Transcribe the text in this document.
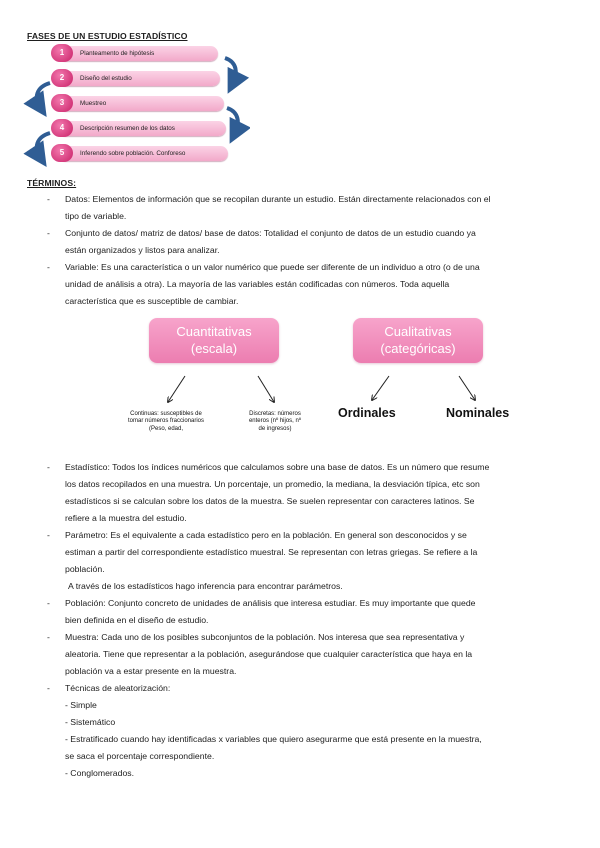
FASES DE UN ESTUDIO ESTADÍSTICO
1	Planteamento de hipótesis
2	Diseño del estudio
3	Muestreo
4	Descripción resumen de los datos
5	Inferendo sobre población. Conforeso
TÉRMINOS:
- Datos: Elementos de información que se recopilan durante un estudio. Están directamente relacionados con el
tipo de variable.
- Conjunto de datos/ matriz de datos/ base de datos: Totalidad el conjunto de datos de un estudio cuando ya
están organizados y listos para analizar.
- Variable: Es una característica o un valor numérico que puede ser diferente de un individuo a otro (o de una
unidad de análisis a otra). La mayoría de las variables están codificadas con números. Toda aquella
característica que es susceptible de cambiar.
Cuantitativas
(escala)
Cualitativas
(categóricas)
Continuas: susceptibles de
tomar números fraccionarios
(Peso, edad,
Discretas: números
enteros (nº hijos, nº
de ingresos)
Ordinales	Nominales
- Estadístico: Todos los índices numéricos que calculamos sobre una base de datos. Es un número que resume
los datos recopilados en una muestra. Un porcentaje, un promedio, la mediana, la desviación típica, etc son
estadísticos si se calculan sobre los datos de la muestra. Se suelen representar con caracteres latinos. Se
refiere a la muestra del estudio.
- Parámetro: Es el equivalente a cada estadístico pero en la población. En general son desconocidos y se
estiman a partir del correspondiente estadístico muestral. Se representan con letras griegas. Se refiere a la
población.
A través de los estadísticos hago inferencia para encontrar parámetros.
- Población: Conjunto concreto de unidades de análisis que interesa estudiar. Es muy importante que quede
bien definida en el diseño de estudio.
- Muestra: Cada uno de los posibles subconjuntos de la población. Nos interesa que sea representativa y
aleatoria. Tiene que representar a la población, asegurándose que cualquier característica que haya en la
población va a estar presente en la muestra.
- Técnicas de aleatorización:
- Simple
- Sistemático
- Estratificado cuando hay identificadas x variables que quiero asegurarme que está presente en la muestra,
se saca el porcentaje correspondiente.
- Conglomerados.
